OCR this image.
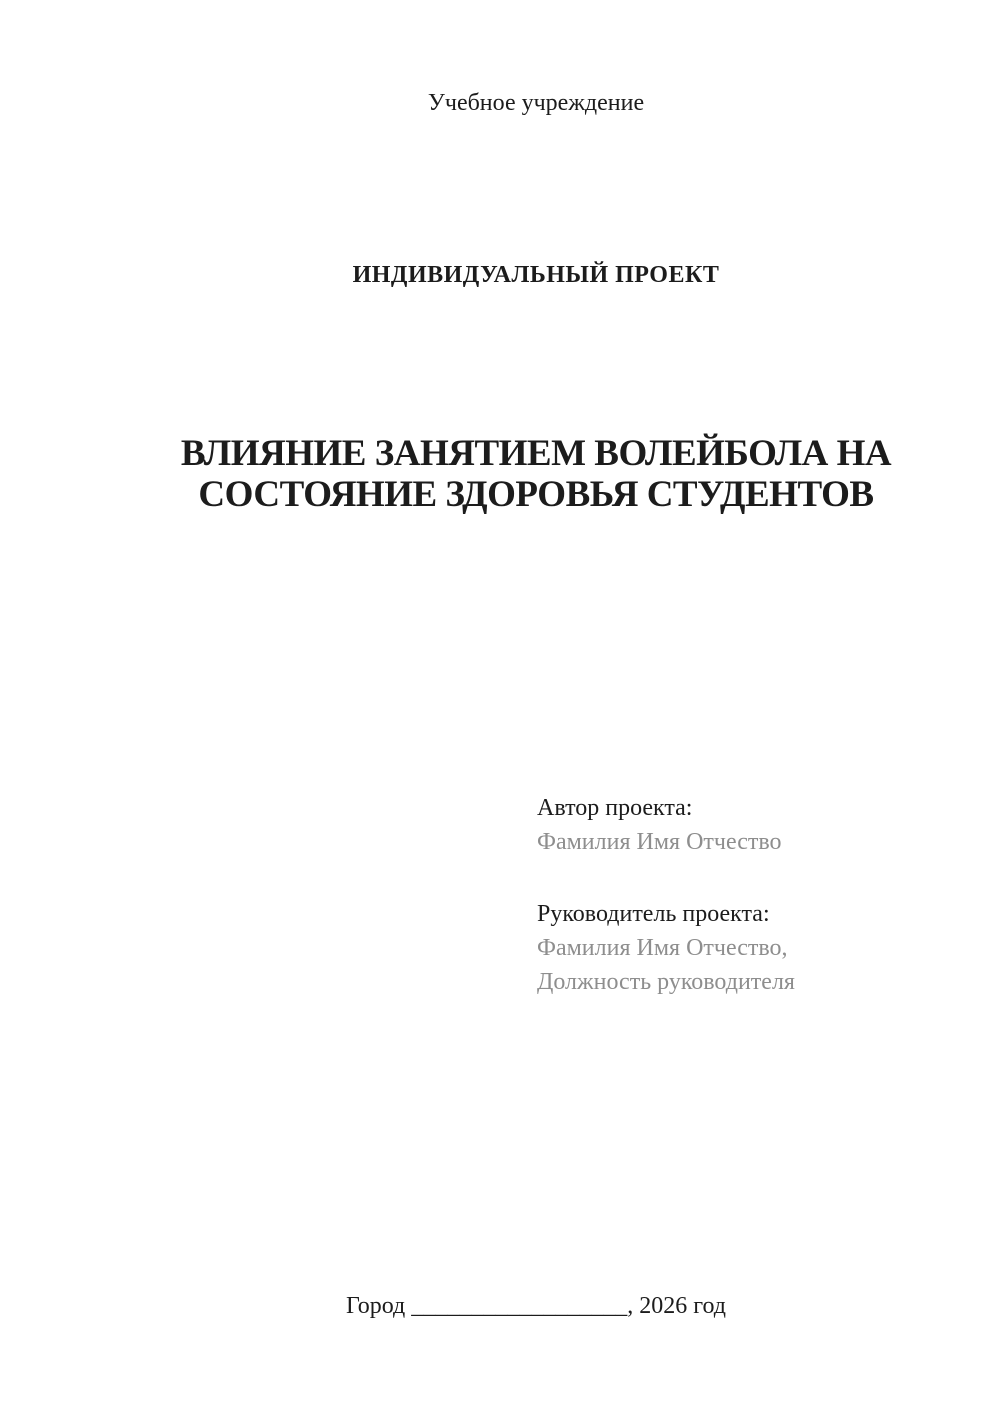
Учебное учреждение
ИНДИВИДУАЛЬНЫЙ ПРОЕКТ
ВЛИЯНИЕ ЗАНЯТИЕМ ВОЛЕЙБОЛА НА
СОСТОЯНИЕ ЗДОРОВЬЯ СТУДЕНТОВ
Автор проекта:
Фамилия Имя Отчество
Руководитель проекта:
Фамилия Имя Отчество,
Должность руководителя
Город __________________, 2026 год
